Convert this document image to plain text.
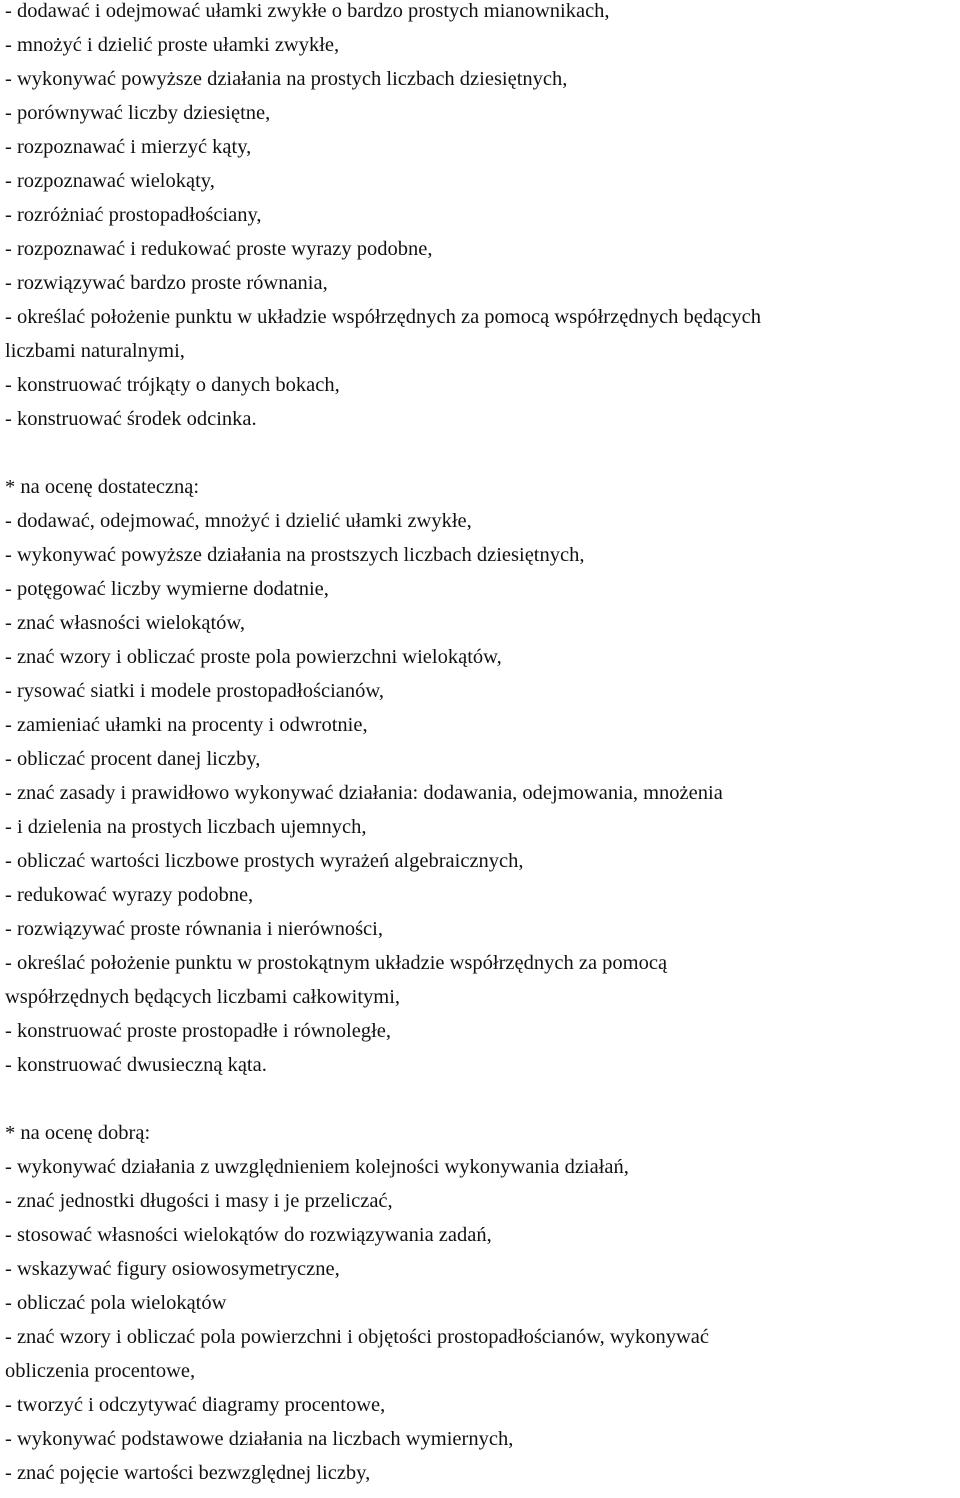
- dodawać i odejmować ułamki zwykłe o bardzo prostych mianownikach,
- mnożyć i dzielić proste ułamki zwykłe,
- wykonywać powyższe działania na prostych liczbach dziesiętnych,
- porównywać liczby dziesiętne,
- rozpoznawać i mierzyć kąty,
- rozpoznawać wielokąty,
- rozróżniać prostopadłościany,
- rozpoznawać i redukować proste wyrazy podobne,
- rozwiązywać bardzo proste równania,
- określać położenie punktu w układzie współrzędnych za pomocą współrzędnych będących
liczbami naturalnymi,
- konstruować trójkąty o danych bokach,
- konstruować środek odcinka.
* na ocenę dostateczną:
- dodawać, odejmować, mnożyć i dzielić ułamki zwykłe,
- wykonywać powyższe działania na prostszych liczbach dziesiętnych,
- potęgować liczby wymierne dodatnie,
- znać własności wielokątów,
- znać wzory i obliczać proste pola powierzchni wielokątów,
- rysować siatki i modele prostopadłościanów,
- zamieniać ułamki na procenty i odwrotnie,
- obliczać procent danej liczby,
- znać zasady i prawidłowo wykonywać działania: dodawania, odejmowania, mnożenia
- i dzielenia na prostych liczbach ujemnych,
- obliczać wartości liczbowe prostych wyrażeń algebraicznych,
- redukować wyrazy podobne,
- rozwiązywać proste równania i nierówności,
- określać położenie punktu w prostokątnym układzie współrzędnych za pomocą
współrzędnych będących liczbami całkowitymi,
- konstruować proste prostopadłe i równoległe,
- konstruować dwusieczną kąta.
* na ocenę dobrą:
- wykonywać działania z uwzględnieniem kolejności wykonywania działań,
- znać jednostki długości i masy i je przeliczać,
- stosować własności wielokątów do rozwiązywania zadań,
- wskazywać figury osiowosymetryczne,
- obliczać pola wielokątów
- znać wzory i obliczać pola powierzchni i objętości prostopadłościanów, wykonywać
obliczenia procentowe,
- tworzyć i odczytywać diagramy procentowe,
- wykonywać podstawowe działania na liczbach wymiernych,
- znać pojęcie wartości bezwzględnej liczby,
